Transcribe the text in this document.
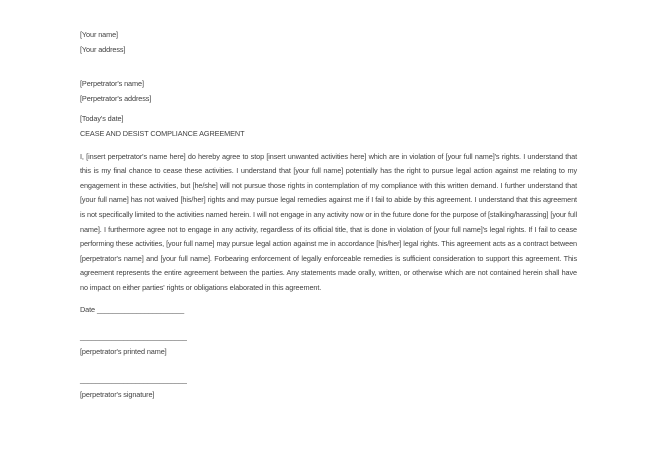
[Your name]
[Your address]
[Perpetrator's name]
[Perpetrator's address]
[Today's date]
CEASE AND DESIST COMPLIANCE AGREEMENT
I, [insert perpetrator's name here] do hereby agree to stop [insert unwanted activities here] which are in violation of [your full name]'s rights. I understand that this is my final chance to cease these activities. I understand that [your full name] potentially has the right to pursue legal action against me relating to my engagement in these activities, but [he/she] will not pursue those rights in contemplation of my compliance with this written demand. I further understand that [your full name] has not waived [his/her] rights and may pursue legal remedies against me if I fail to abide by this agreement. I understand that this agreement is not specifically limited to the activities named herein. I will not engage in any activity now or in the future done for the purpose of [stalking/harassing] [your full name]. I furthermore agree not to engage in any activity, regardless of its official title, that is done in violation of [your full name]'s legal rights. If I fail to cease performing these activities, [your full name] may pursue legal action against me in accordance [his/her] legal rights. This agreement acts as a contract between [perpetrator's name] and [your full name]. Forbearing enforcement of legally enforceable remedies is sufficient consideration to support this agreement. This agreement represents the entire agreement between the parties. Any statements made orally, written, or otherwise which are not contained herein shall have no impact on either parties' rights or obligations elaborated in this agreement.
Date ______________________
___________________________
[perpetrator's printed name]
___________________________
[perpetrator's signature]
